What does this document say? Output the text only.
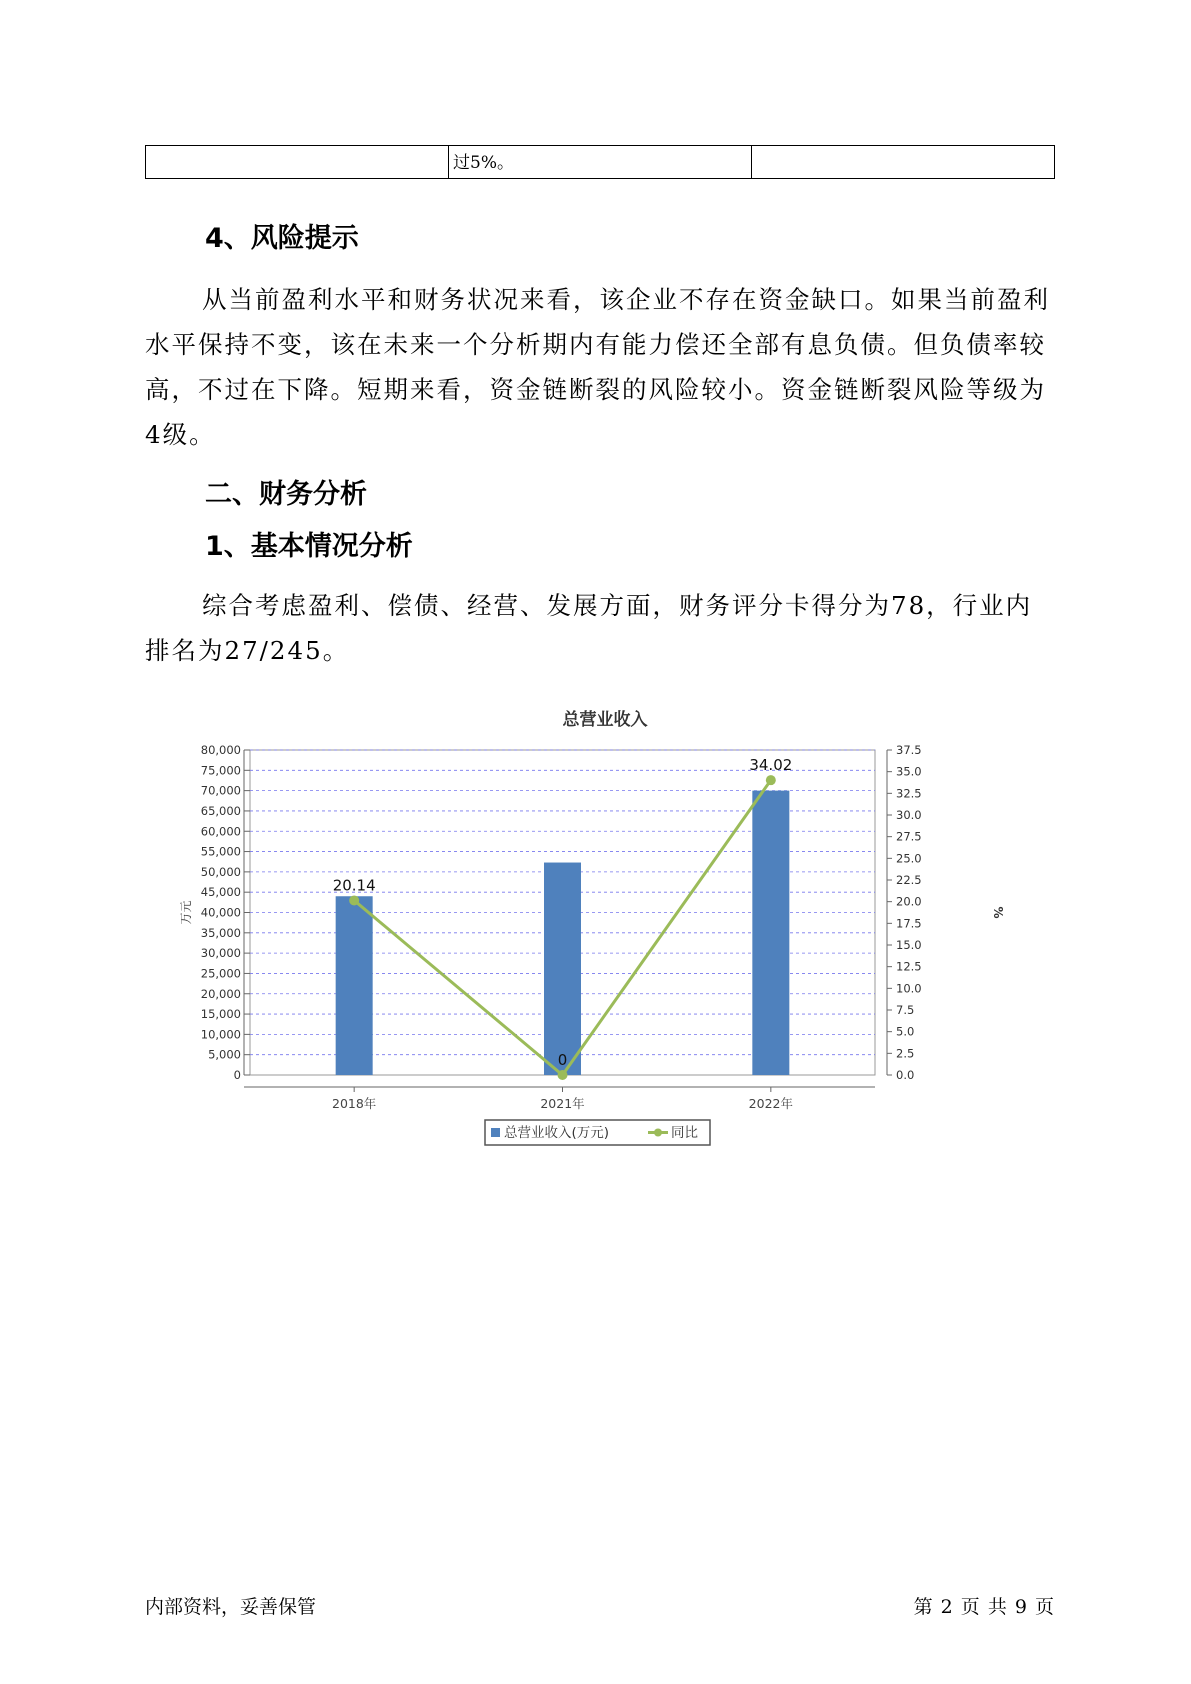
过5%。
4、风险提示

从当前盈利水平和财务状况来看，该企业不存在资金缺口。如果当前盈利水平保持不变，该在未来一个分析期内有能力偿还全部有息负债。但负债率较高，不过在下降。短期来看，资金链断裂的风险较小。资金链断裂风险等级为4级。

二、财务分析
1、基本情况分析

综合考虑盈利、偿债、经营、发展方面，财务评分卡得分为78，行业内排名为27/245。

总营业收入
0
5,000
10,000
15,000
20,000
25,000
30,000
35,000
40,000
45,000
50,000
55,000
60,000
65,000
70,000
75,000
80,000
万元
0.0
2.5
5.0
7.5
10.0
12.5
15.0
17.5
20.0
22.5
25.0
27.5
30.0
32.5
35.0
37.5
%
2018年	2021年	2022年
20.14
0
34.02
总营业收入(万元)	同比
内部资料，妥善保管	第 2 页 共 9 页
